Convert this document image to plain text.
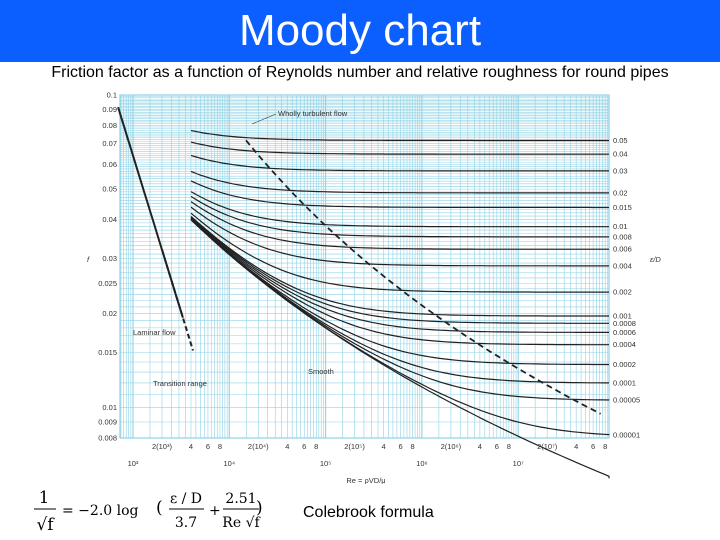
Moody chart
Friction factor as a function of Reynolds number and relative roughness for round pipes
0.1
0.09
0.08
0.07
0.06
0.05
0.04
0.03
0.025
0.02
0.015
0.01
0.009
0.008
10³
2(10³) 4 6 8
10⁴
2(10⁴) 4 6 8
10⁵
2(10⁵) 4 6 8
10⁶
2(10⁶) 4 6 8
10⁷
2(10⁷) 4 6 8
0.05
0.04
0.03
0.02
0.015
0.01
0.008
0.006
0.004
0.002
0.001
0.0008
0.0006
0.0004
0.0002
0.0001
0.00005
0.00001
f
Re = ρVD/μ
ε/D
Wholly turbulent flow
Laminar flow
Transition range
Smooth
1
√f
= −2.0 log ( ε / D
3.7
+
2.51
Re √f
)	Colebrook formula
